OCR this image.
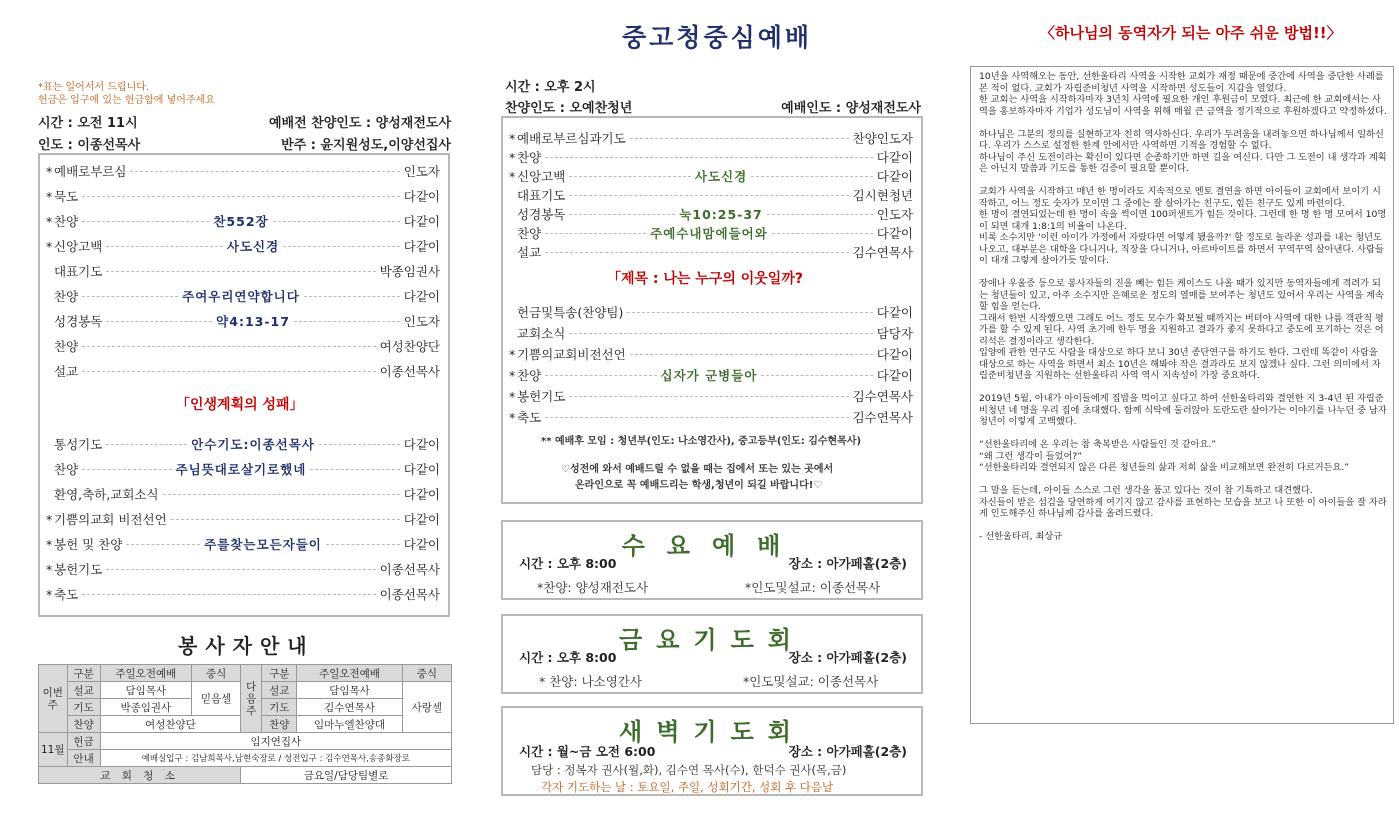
중고청중심예배	〈하나님의 동역자가 되는 아주 쉬운 방법!!〉
*표는 일어서서 드립니다.
헌금은 입구에 있는 헌금함에 넣어주세요
시간 : 오전 11시	예배전 찬양인도 : 양성재전도사
인도 : 이종선목사	반주 : 윤지원성도,이양선집사
* 예배로부르심	인도자
* 묵도	다같이
* 찬양	찬552장	다같이
* 신앙고백	사도신경	다같이
대표기도	박종임권사
찬양	주여우리연약합니다	다같이
성경봉독	약4:13-17	인도자
찬양	여성찬양단
설교	이종선목사
「인생계획의 성패」
통성기도	안수기도:이종선목사	다같이
찬양	주님뜻대로살기로했네	다같이
환영,축하,교회소식	다같이
* 기쁨의교회 비전선언	다같이
* 봉헌 및 찬양	주를찾는모든자들이	다같이
* 봉헌기도	이종선목사
* 축도	이종선목사
봉사자안내
이번주	구분	주일오전예배	중식	다음주	구분	주일오전예배	중식
	설교	담임목사	믿음셀		설교	담임목사	사랑셀
	기도	박종임권사			기도	김수연목사	
	찬양	여성찬양단			찬양	임마누엘찬양대	
11월	헌금	임지연집사					
	안내	예배실입구 : 김남희목사,남현숙장로 / 성전입구 : 김수연목사,송종화장로					
교 회 청 소				금요일/담당팀별로			
시간 : 오후 2시
찬양인도 : 오예찬청년	예배인도 : 양성재전도사
* 예배로부르심과기도	찬양인도자
* 찬양	다같이
* 신앙고백	사도신경	다같이
대표기도	김시현청년
성경봉독	눅10:25-37	인도자
찬양	주예수내맘에들어와	다같이
설교	김수연목사
「제목 : 나는 누구의 이웃일까?
헌금및특송(찬양팀)	다같이
교회소식	담당자
* 기쁨의교회비전선언	다같이
* 찬양	십자가 군병들아	다같이
* 봉헌기도	김수연목사
* 축도	김수연목사
** 예배후 모임 : 청년부(인도: 나소영간사), 중고등부(인도: 김수현목사)
♡성전에 와서 예배드릴 수 없을 때는 집에서 또는 있는 곳에서
온라인으로 꼭 예배드리는 학생,청년이 되길 바랍니다!♡
수요예배
시간 : 오후 8:00	장소 : 아가페홀(2층)
*찬양: 양성재전도사	*인도및설교: 이종선목사
금요기도회
시간 : 오후 8:00	장소 : 아가페홀(2층)
* 찬양: 나소영간사	*인도및설교: 이종선목사
새벽기도회
시간 : 월~금 오전 6:00	장소 : 아가페홀(2층)
담당 : 정복자 권사(월,화), 김수연 목사(수), 한덕수 권사(목,금)
각자 기도하는 날 : 토요일, 주일, 성회기간, 성회 후 다음날

10년을 사역해오는 동안, 선한울타리 사역을 시작한 교회가 재정 때문에 중간에 사역을 중단한 사례를 본 적이 없다. 교회가 자립준비청년 사역을 시작하면 성도들이 지갑을 열었다.
한 교회는 사역을 시작하자마자 3년치 사역에 필요한 개인 후원금이 모였다. 최근에 한 교회에서는 사역을 홍보하자마자 기업가 성도님이 사역을 위해 매월 큰 금액을 정기적으로 후원하겠다고 약정하셨다.

하나님은 그분의 정의를 실현하고자 친히 역사하신다. 우리가 두려움을 내려놓으면 하나님께서 일하신다. 우리가 스스로 설정한 한계 안에서만 사역하면 기적을 경험할 수 없다.
하나님이 주신 도전이라는 확신이 있다면 순종하기만 하면 길을 여신다. 다만 그 도전이 내 생각과 계획은 아닌지 말씀과 기도를 통한 검증이 필요할 뿐이다.

교회가 사역을 시작하고 매년 한 명이라도 지속적으로 멘토 결연을 하면 아이들이 교회에서 보이기 시작하고, 어느 정도 숫자가 모이면 그 중에는 잘 살아가는 친구도, 힘든 친구도 있게 마련이다.
한 명이 결연되었는데 한 명이 속을 썩이면 100퍼센트가 힘든 것이다. 그런데 한 명 한 명 모여서 10명이 되면 대개 1:8:1의 비율이 나온다.
비록 소수지만 '이런 아이가 가정에서 자랐다면 어떻게 됐을까?' 할 정도로 놀라운 성과를 내는 청년도 나오고, 대부분은 대학을 다니거나, 직장을 다니거나, 아르바이트를 하면서 꾸역꾸역 살아낸다. 사람들이 대개 그렇게 살아가듯 말이다.

장애나 우울증 등으로 봉사자들의 진을 빼는 힘든 케이스도 나올 때가 있지만 동역자들에게 격려가 되는 청년들이 있고, 아주 소수지만 은혜로운 정도의 열매를 보여주는 청년도 있어서 우리는 사역을 계속할 힘을 얻는다.
그래서 한번 시작했으면 그래도 어느 정도 모수가 확보될 때까지는 버텨야 사역에 대한 나름 객관적 평가를 할 수 있게 된다. 사역 초기에 한두 명을 지원하고 결과가 좋지 못하다고 중도에 포기하는 것은 어리석은 결정이라고 생각한다.
입양에 관한 연구도 사람을 대상으로 하다 보니 30년 종단연구를 하기도 한다. 그런데 똑같이 사람을 대상으로 하는 사역을 하면서 최소 10년은 해봐야 작은 결과라도 보지 않겠나 싶다. 그런 의미에서 자립준비청년을 지원하는 선한울타리 사역 역시 지속성이 가장 중요하다.

2019년 5월, 아내가 아이들에게 집밥을 먹이고 싶다고 하여 선한울타리와 결연한 지 3-4년 된 자립준비청년 네 명을 우리 집에 초대했다. 함께 식탁에 둘러앉아 도란도란 살아가는 이야기를 나누던 중 남자 청년이 이렇게 고백했다.

“선한울타리에 온 우리는 참 축복받은 사람들인 것 같아요.”
“왜 그런 생각이 들었어?”
“선한울타리와 결연되지 않은 다른 청년들의 삶과 저희 삶을 비교해보면 완전히 다르거든요.”

그 말을 듣는데, 아이들 스스로 그런 생각을 품고 있다는 것이 참 기특하고 대견했다.
자신들이 받은 섬김을 당연하게 여기지 않고 감사를 표현하는 모습을 보고 나 또한 이 아이들을 잘 자라게 인도해주신 하나님께 감사를 올려드렸다.

- 선한울타리, 최상규
